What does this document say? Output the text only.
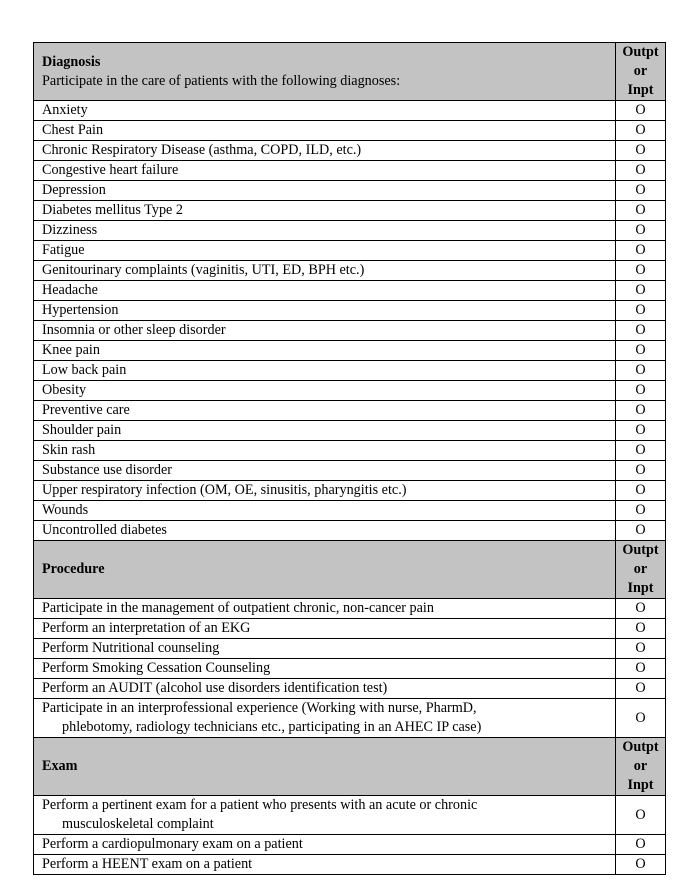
Diagnosis
Participate in the care of patients with the following diagnoses:	Outpt
or
Inpt

Anxiety	O
Chest Pain	O
Chronic Respiratory Disease (asthma, COPD, ILD, etc.)	O
Congestive heart failure	O
Depression	O
Diabetes mellitus Type 2	O
Dizziness	O
Fatigue	O
Genitourinary complaints (vaginitis, UTI, ED, BPH etc.)	O
Headache	O
Hypertension	O
Insomnia or other sleep disorder	O
Knee pain	O
Low back pain	O
Obesity	O
Preventive care	O
Shoulder pain	O
Skin rash	O
Substance use disorder	O
Upper respiratory infection (OM, OE, sinusitis, pharyngitis etc.)	O
Wounds	O
Uncontrolled diabetes	O

Procedure	Outpt
or
Inpt

Participate in the management of outpatient chronic, non-cancer pain	O
Perform an interpretation of an EKG	O
Perform Nutritional counseling	O
Perform Smoking Cessation Counseling	O
Perform an AUDIT (alcohol use disorders identification test)	O

Participate in an interprofessional experience (Working with nurse, PharmD,
phlebotomy, radiology technicians etc., participating in an AHEC IP case)	O

Exam	Outpt
or
Inpt

Perform a pertinent exam for a patient who presents with an acute or chronic
musculoskeletal complaint	O
Perform a cardiopulmonary exam on a patient	O
Perform a HEENT exam on a patient	O
